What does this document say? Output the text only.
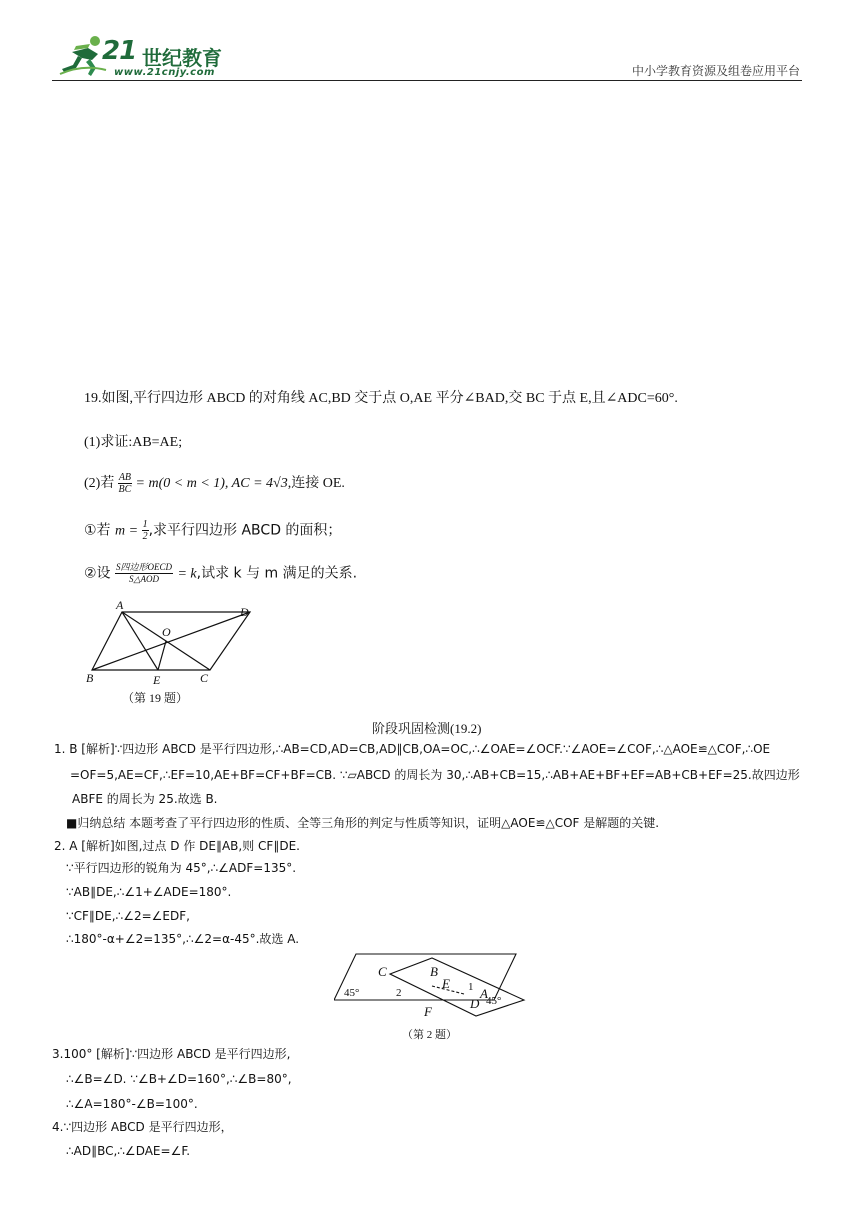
21 世纪教育
www.21cnjy.com	中小学教育资源及组卷应用平台
19.如图,平行四边形 ABCD 的对角线 AC,BD 交于点 O,AE 平分∠BAD,交 BC 于点 E,且∠ADC=60°.
(1)求证:AB=AE;
(2)若 $\frac{AB}{BC} = m(0 < m < 1)$, AC = 4√3,连接 OE.
①若 $m = \frac{1}{2}$ ,求平行四边形 ABCD 的面积；
②设 $\frac{\text{S四边形OECD}}{\text{S△AOD}} = k$,试求 k 与 m 满足的关系.
A	D
O
B	E	C
（第 19 题）
阶段巩固检测(19.2)
1. B [解析]∵四边形 ABCD 是平行四边形,∴AB=CD,AD=CB,AD∥CB,OA=OC,∴∠OAE=∠OCF.∵∠AOE=∠COF,∴△AOE≌△COF,∴OE
=OF=5,AE=CF,∴EF=10,AE+BF=CF+BF=CB. ∵▱ABCD 的周长为 30,∴AB+CB=15,∴AB+AE+BF+EF=AB+CB+EF=25.故四边形
ABFE 的周长为 25.故选 B.
■归纳总结 本题考查了平行四边形的性质、全等三角形的判定与性质等知识，证明△AOE≌△COF 是解题的关键.
2. A [解析]如图,过点 D 作 DE∥AB,则 CF∥DE.
∵平行四边形的锐角为 45°,∴∠ADF=135°.
∵AB∥DE,∴∠1+∠ADE=180°.
∵CF∥DE,∴∠2=∠EDF,
∴180°-α+∠2=135°,∴∠2=α-45°.故选 A.
C	B
E 1 A
D
45°
45°
2
F
（第 2 题）
3.100° [解析]∵四边形 ABCD 是平行四边形,
∴∠B=∠D. ∵∠B+∠D=160°,∴∠B=80°,
∴∠A=180°-∠B=100°.
4.∵四边形 ABCD 是平行四边形，
∴AD∥BC,∴∠DAE=∠F.
